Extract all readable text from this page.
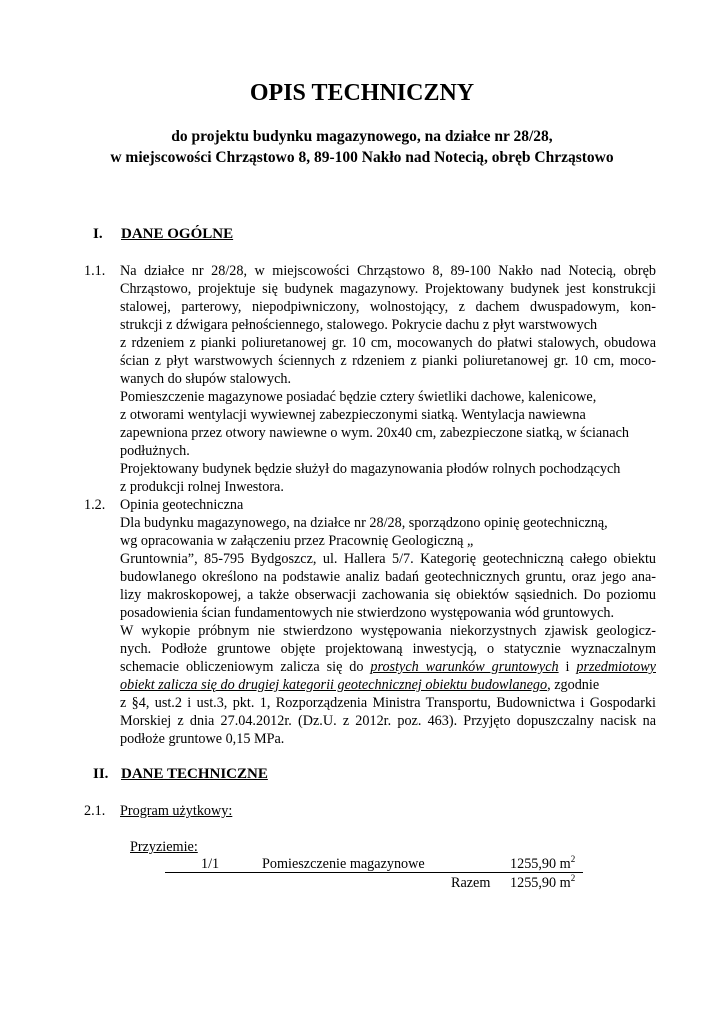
OPIS TECHNICZNY
do projektu budynku magazynowego, na działce nr 28/28,
w miejscowości Chrząstowo 8, 89-100 Nakło nad Notecią, obręb Chrząstowo
I. DANE OGÓLNE
1.1. Na działce nr 28/28, w miejscowości Chrząstowo 8, 89-100 Nakło nad Notecią, obręb
Chrząstowo, projektuje się budynek magazynowy. Projektowany budynek jest konstrukcji
stalowej, parterowy, niepodpiwniczony, wolnostojący, z dachem dwuspadowym, kon-
strukcji z dźwigara pełnościennego, stalowego. Pokrycie dachu z płyt warstwowych
z rdzeniem z pianki poliuretanowej gr. 10 cm, mocowanych do płatwi stalowych, obudowa
ścian z płyt warstwowych ściennych z rdzeniem z pianki poliuretanowej gr. 10 cm, moco-
wanych do słupów stalowych.
Pomieszczenie magazynowe posiadać będzie cztery świetliki dachowe, kalenicowe,
z otworami wentylacji wywiewnej zabezpieczonymi siatką. Wentylacja nawiewna
zapewniona przez otwory nawiewne o wym. 20x40 cm, zabezpieczone siatką, w ścianach
podłużnych.
Projektowany budynek będzie służył do magazynowania płodów rolnych pochodzących
z produkcji rolnej Inwestora.
1.2. Opinia geotechniczna
Dla budynku magazynowego, na działce nr 28/28, sporządzono opinię geotechniczną,
wg opracowania w załączeniu przez Pracownię Geologiczną „
Gruntownia”, 85-795 Bydgoszcz, ul. Hallera 5/7. Kategorię geotechniczną całego obiektu
budowlanego określono na podstawie analiz badań geotechnicznych gruntu, oraz jego ana-
lizy makroskopowej, a także obserwacji zachowania się obiektów sąsiednich. Do poziomu
posadowienia ścian fundamentowych nie stwierdzono występowania wód gruntowych.
W wykopie próbnym nie stwierdzono występowania niekorzystnych zjawisk geologicz-
nych. Podłoże gruntowe objęte projektowaną inwestycją, o statycznie wyznaczalnym
schemacie obliczeniowym zalicza się do prostych warunków gruntowych i przedmiotowy
obiekt zalicza się do drugiej kategorii geotechnicznej obiektu budowlanego, zgodnie
z §4, ust.2 i ust.3, pkt. 1, Rozporządzenia Ministra Transportu, Budownictwa i Gospodarki
Morskiej z dnia 27.04.2012r. (Dz.U. z 2012r. poz. 463). Przyjęto dopuszczalny nacisk na
podłoże gruntowe 0,15 MPa.
II. DANE TECHNICZNE
2.1. Program użytkowy:
Przyziemie:
1/1	Pomieszczenie magazynowe	1255,90 $m^2$
Razem 1255,90 $m^2$
